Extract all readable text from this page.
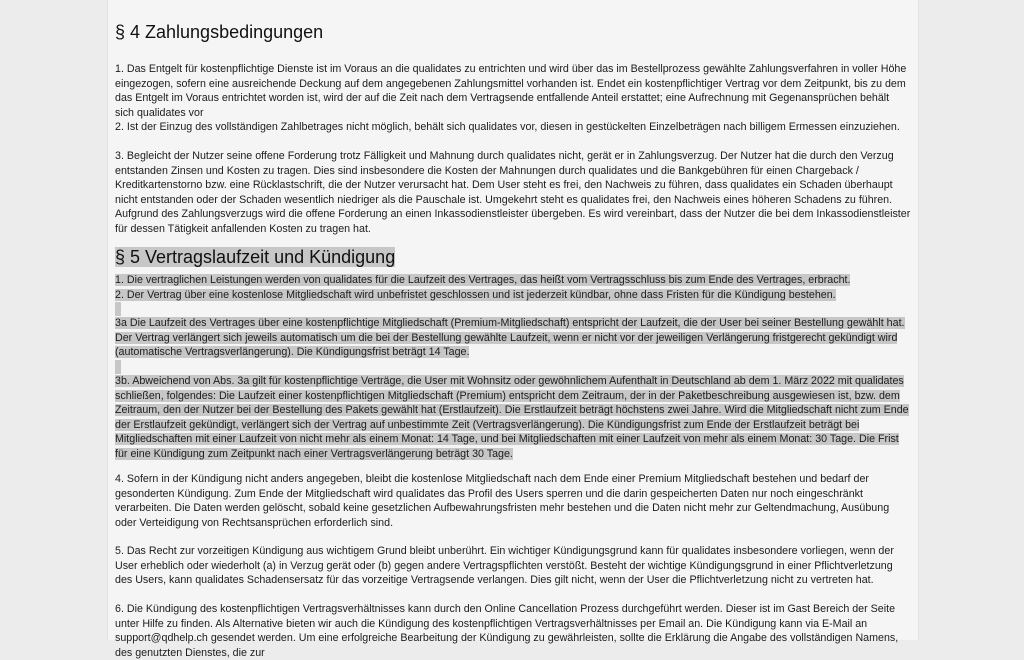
§ 4 Zahlungsbedingungen

1. Das Entgelt für kostenpflichtige Dienste ist im Voraus an die qualidates zu entrichten und wird über das im Bestellprozess gewählte Zahlungsverfahren in voller Höhe eingezogen, sofern eine ausreichende Deckung auf dem angegebenen Zahlungsmittel vorhanden ist. Endet ein kostenpflichtiger Vertrag vor dem Zeitpunkt, bis zu dem das Entgelt im Voraus entrichtet worden ist, wird der auf die Zeit nach dem Vertragsende entfallende Anteil erstattet; eine Aufrechnung mit Gegenansprüchen behält sich qualidates vor

2. Ist der Einzug des vollständigen Zahlbetrages nicht möglich, behält sich qualidates vor, diesen in gestückelten Einzelbeträgen nach billigem Ermessen einzuziehen.

3. Begleicht der Nutzer seine offene Forderung trotz Fälligkeit und Mahnung durch qualidates nicht, gerät er in Zahlungsverzug. Der Nutzer hat die durch den Verzug entstanden Zinsen und Kosten zu tragen. Dies sind insbesondere die Kosten der Mahnungen durch qualidates und die Bankgebühren für einen Chargeback / Kreditkartenstorno bzw. eine Rücklastschrift, die der Nutzer verursacht hat. Dem User steht es frei, den Nachweis zu führen, dass qualidates ein Schaden überhaupt nicht entstanden oder der Schaden wesentlich niedriger als die Pauschale ist. Umgekehrt steht es qualidates frei, den Nachweis eines höheren Schadens zu führen. Aufgrund des Zahlungsverzugs wird die offene Forderung an einen Inkassodienstleister übergeben. Es wird vereinbart, dass der Nutzer die bei dem Inkassodienstleister für dessen Tätigkeit anfallenden Kosten zu tragen hat.

§ 5 Vertragslaufzeit und Kündigung

1. Die vertraglichen Leistungen werden von qualidates für die Laufzeit des Vertrages, das heißt vom Vertragsschluss bis zum Ende des Vertrages, erbracht.

2. Der Vertrag über eine kostenlose Mitgliedschaft wird unbefristet geschlossen und ist jederzeit kündbar, ohne dass Fristen für die Kündigung bestehen.

3a Die Laufzeit des Vertrages über eine kostenpflichtige Mitgliedschaft (Premium-Mitgliedschaft) entspricht der Laufzeit, die der User bei seiner Bestellung gewählt hat. Der Vertrag verlängert sich jeweils automatisch um die bei der Bestellung gewählte Laufzeit, wenn er nicht vor der jeweiligen Verlängerung fristgerecht gekündigt wird (automatische Vertragsverlängerung). Die Kündigungsfrist beträgt 14 Tage.

3b. Abweichend von Abs. 3a gilt für kostenpflichtige Verträge, die User mit Wohnsitz oder gewöhnlichem Aufenthalt in Deutschland ab dem 1. März 2022 mit qualidates schließen, folgendes: Die Laufzeit einer kostenpflichtigen Mitgliedschaft (Premium) entspricht dem Zeitraum, der in der Paketbeschreibung ausgewiesen ist, bzw. dem Zeitraum, den der Nutzer bei der Bestellung des Pakets gewählt hat (Erstlaufzeit). Die Erstlaufzeit beträgt höchstens zwei Jahre. Wird die Mitgliedschaft nicht zum Ende der Erstlaufzeit gekündigt, verlängert sich der Vertrag auf unbestimmte Zeit (Vertragsverlängerung). Die Kündigungsfrist zum Ende der Erstlaufzeit beträgt bei Mitgliedschaften mit einer Laufzeit von nicht mehr als einem Monat: 14 Tage, und bei Mitgliedschaften mit einer Laufzeit von mehr als einem Monat: 30 Tage. Die Frist für eine Kündigung zum Zeitpunkt nach einer Vertragsverlängerung beträgt 30 Tage.

4. Sofern in der Kündigung nicht anders angegeben, bleibt die kostenlose Mitgliedschaft nach dem Ende einer Premium Mitgliedschaft bestehen und bedarf der gesonderten Kündigung. Zum Ende der Mitgliedschaft wird qualidates das Profil des Users sperren und die darin gespeicherten Daten nur noch eingeschränkt verarbeiten. Die Daten werden gelöscht, sobald keine gesetzlichen Aufbewahrungsfristen mehr bestehen und die Daten nicht mehr zur Geltendmachung, Ausübung oder Verteidigung von Rechtsansprüchen erforderlich sind.

5. Das Recht zur vorzeitigen Kündigung aus wichtigem Grund bleibt unberührt. Ein wichtiger Kündigungsgrund kann für qualidates insbesondere vorliegen, wenn der User erheblich oder wiederholt (a) in Verzug gerät oder (b) gegen andere Vertragspflichten verstößt. Besteht der wichtige Kündigungsgrund in einer Pflichtverletzung des Users, kann qualidates Schadensersatz für das vorzeitige Vertragsende verlangen. Dies gilt nicht, wenn der User die Pflichtverletzung nicht zu vertreten hat.

6. Die Kündigung des kostenpflichtigen Vertragsverhältnisses kann durch den Online Cancellation Prozess durchgeführt werden. Dieser ist im Gast Bereich der Seite unter Hilfe zu finden. Als Alternative bieten wir auch die Kündigung des kostenpflichtigen Vertragsverhältnisses per Email an. Die Kündigung kann via E-Mail an support@qdhelp.ch gesendet werden. Um eine erfolgreiche Bearbeitung der Kündigung zu gewährleisten, sollte die Erklärung die Angabe des vollständigen Namens, des genutzten Dienstes, die zur
